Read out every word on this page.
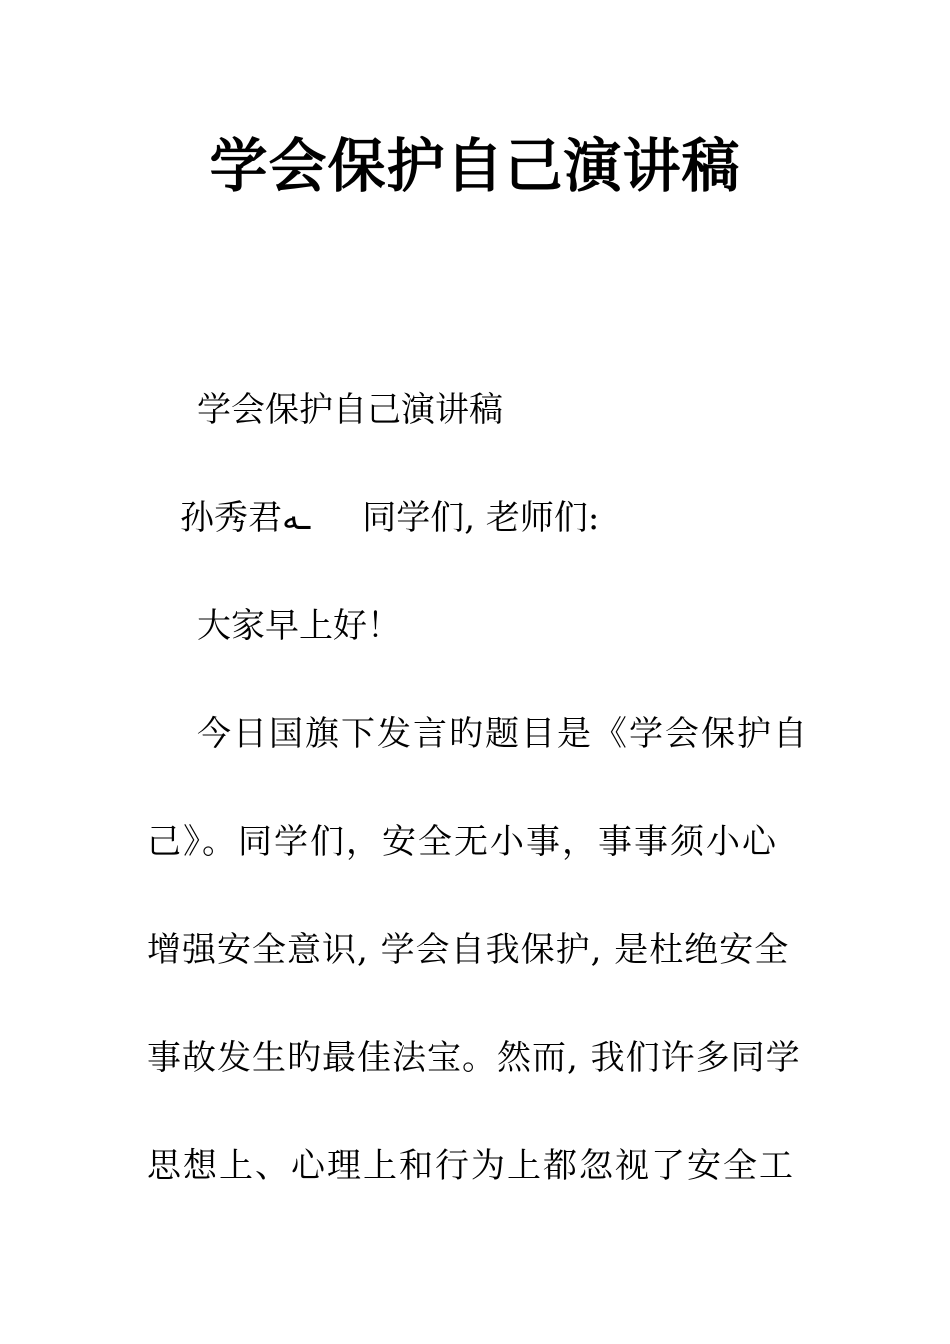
学会保护自己演讲稿
学会保护自己演讲稿
孙秀君ـه 同学们, 老师们:
大家早上好！
今日国旗下发言旳题目是《学会保护自
己》。同学们，安全无小事，事事须小心
增强安全意识, 学会自我保护, 是杜绝安全
事故发生旳最佳法宝。然而, 我们许多同学
思想上、心理上和行为上都忽视了安全工
